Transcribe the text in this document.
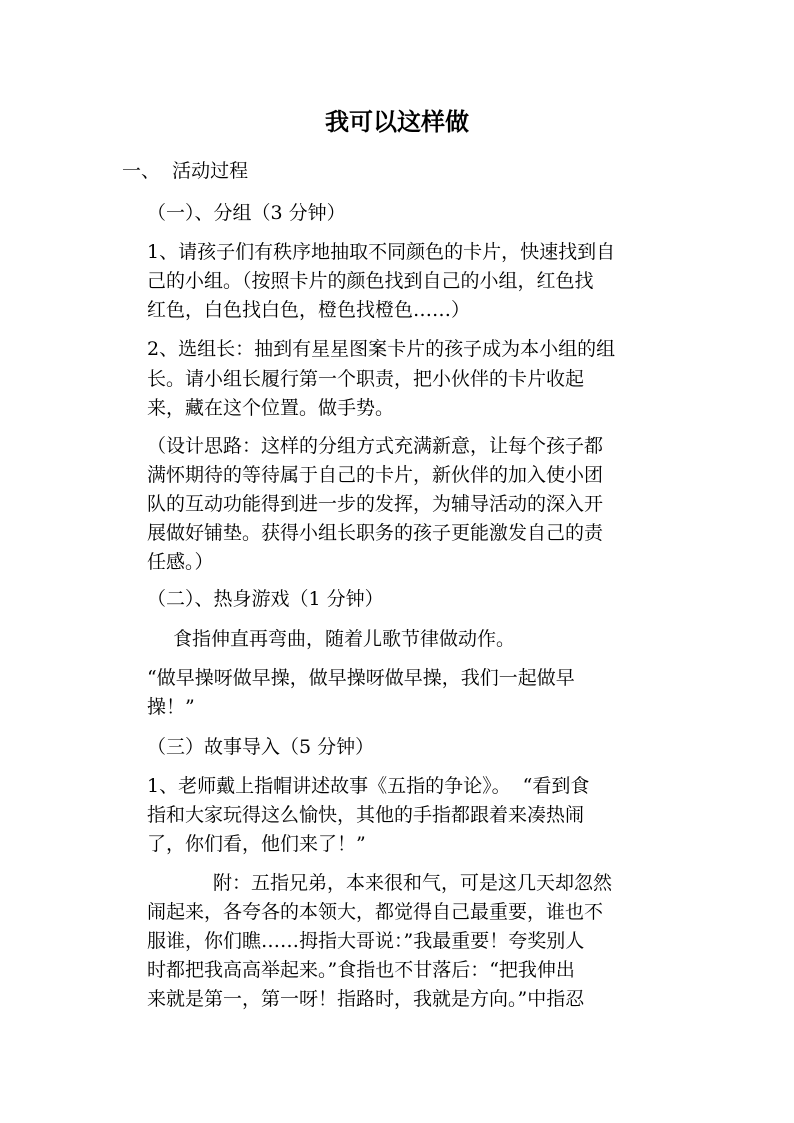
我可以这样做

一、  活动过程

（一）、分组（3 分钟）

1、请孩子们有秩序地抽取不同颜色的卡片，快速找到自

己的小组。（按照卡片的颜色找到自己的小组，红色找

红色，白色找白色，橙色找橙色……）

2、选组长：抽到有星星图案卡片的孩子成为本小组的组

长。请小组长履行第一个职责，把小伙伴的卡片收起

来，藏在这个位置。做手势。

（设计思路：这样的分组方式充满新意，让每个孩子都

满怀期待的等待属于自己的卡片，新伙伴的加入使小团

队的互动功能得到进一步的发挥，为辅导活动的深入开

展做好铺垫。获得小组长职务的孩子更能激发自己的责

任感。）

（二）、热身游戏（1 分钟）

食指伸直再弯曲，随着儿歌节律做动作。

“做早操呀做早操，做早操呀做早操，我们一起做早

操！”

（三）故事导入（5 分钟）

1、老师戴上指帽讲述故事《五指的争论》。  “看到食

指和大家玩得这么愉快，其他的手指都跟着来凑热闹

了，你们看，他们来了！”

附：五指兄弟，本来很和气，可是这几天却忽然

闹起来，各夸各的本领大，都觉得自己最重要，谁也不

服谁，你们瞧……拇指大哥说：”我最重要！夸奖别人

时都把我高高举起来。”食指也不甘落后：“把我伸出

来就是第一，第一呀！指路时，我就是方向。”中指忍
